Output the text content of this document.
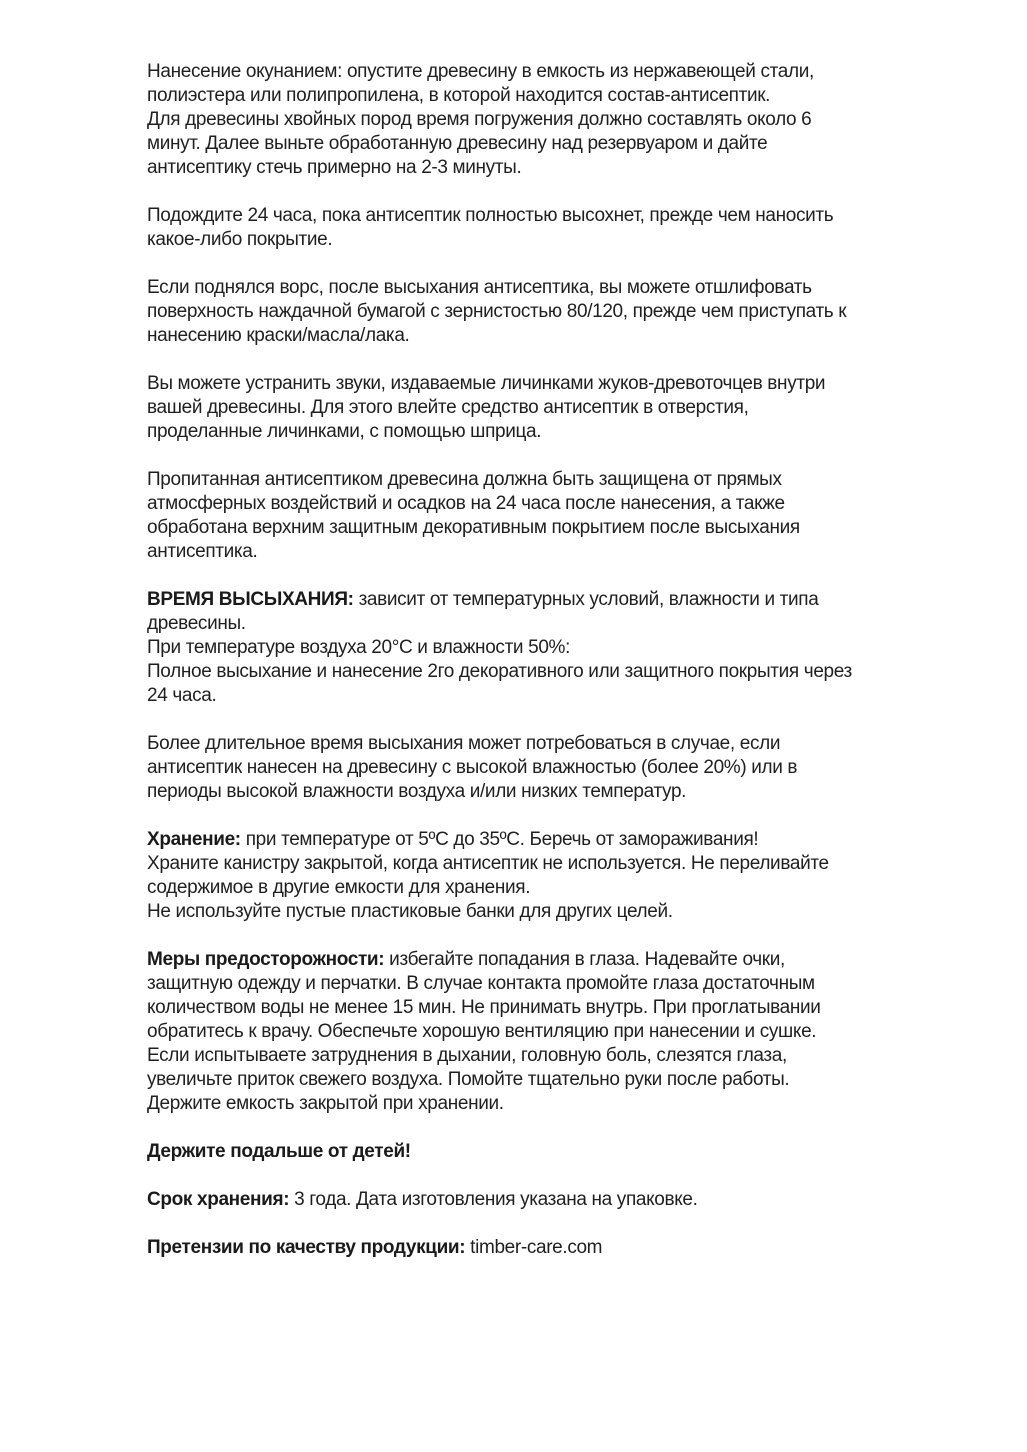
Нанесение окунанием: опустите древесину в емкость из нержавеющей стали,
полиэстера или полипропилена, в которой находится состав-антисептик.
Для древесины хвойных пород время погружения должно составлять около 6
минут. Далее выньте обработанную древесину над резервуаром и дайте
антисептику стечь примерно на 2-3 минуты.

Подождите 24 часа, пока антисептик полностью высохнет, прежде чем наносить
какое-либо покрытие.

Если поднялся ворс, после высыхания антисептика, вы можете отшлифовать
поверхность наждачной бумагой с зернистостью 80/120, прежде чем приступать к
нанесению краски/масла/лака.

Вы можете устранить звуки, издаваемые личинками жуков-древоточцев внутри
вашей древесины. Для этого влейте средство антисептик в отверстия,
проделанные личинками, с помощью шприца.

Пропитанная антисептиком древесина должна быть защищена от прямых
атмосферных воздействий и осадков на 24 часа после нанесения, а также
обработана верхним защитным декоративным покрытием после высыхания
антисептика.

ВРЕМЯ ВЫСЫХАНИЯ: зависит от температурных условий, влажности и типа
древесины.
При температуре воздуха 20°С и влажности 50%:
Полное высыхание и нанесение 2го декоративного или защитного покрытия через
24 часа.

Более длительное время высыхания может потребоваться в случае, если
антисептик нанесен на древесину с высокой влажностью (более 20%) или в
периоды высокой влажности воздуха и/или низких температур.

Хранение: при температуре от 5ºC до 35ºC. Беречь от замораживания!
Храните канистру закрытой, когда антисептик не используется. Не переливайте
содержимое в другие емкости для хранения.
Не используйте пустые пластиковые банки для других целей.

Меры предосторожности: избегайте попадания в глаза. Надевайте очки,
защитную одежду и перчатки. В случае контакта промойте глаза достаточным
количеством воды не менее 15 мин. Не принимать внутрь. При проглатывании
обратитесь к врачу. Обеспечьте хорошую вентиляцию при нанесении и сушке.
Если испытываете затруднения в дыхании, головную боль, слезятся глаза,
увеличьте приток свежего воздуха. Помойте тщательно руки после работы.
Держите емкость закрытой при хранении.

Держите подальше от детей!

Срок хранения: 3 года. Дата изготовления указана на упаковке.

Претензии по качеству продукции: timber-care.com
